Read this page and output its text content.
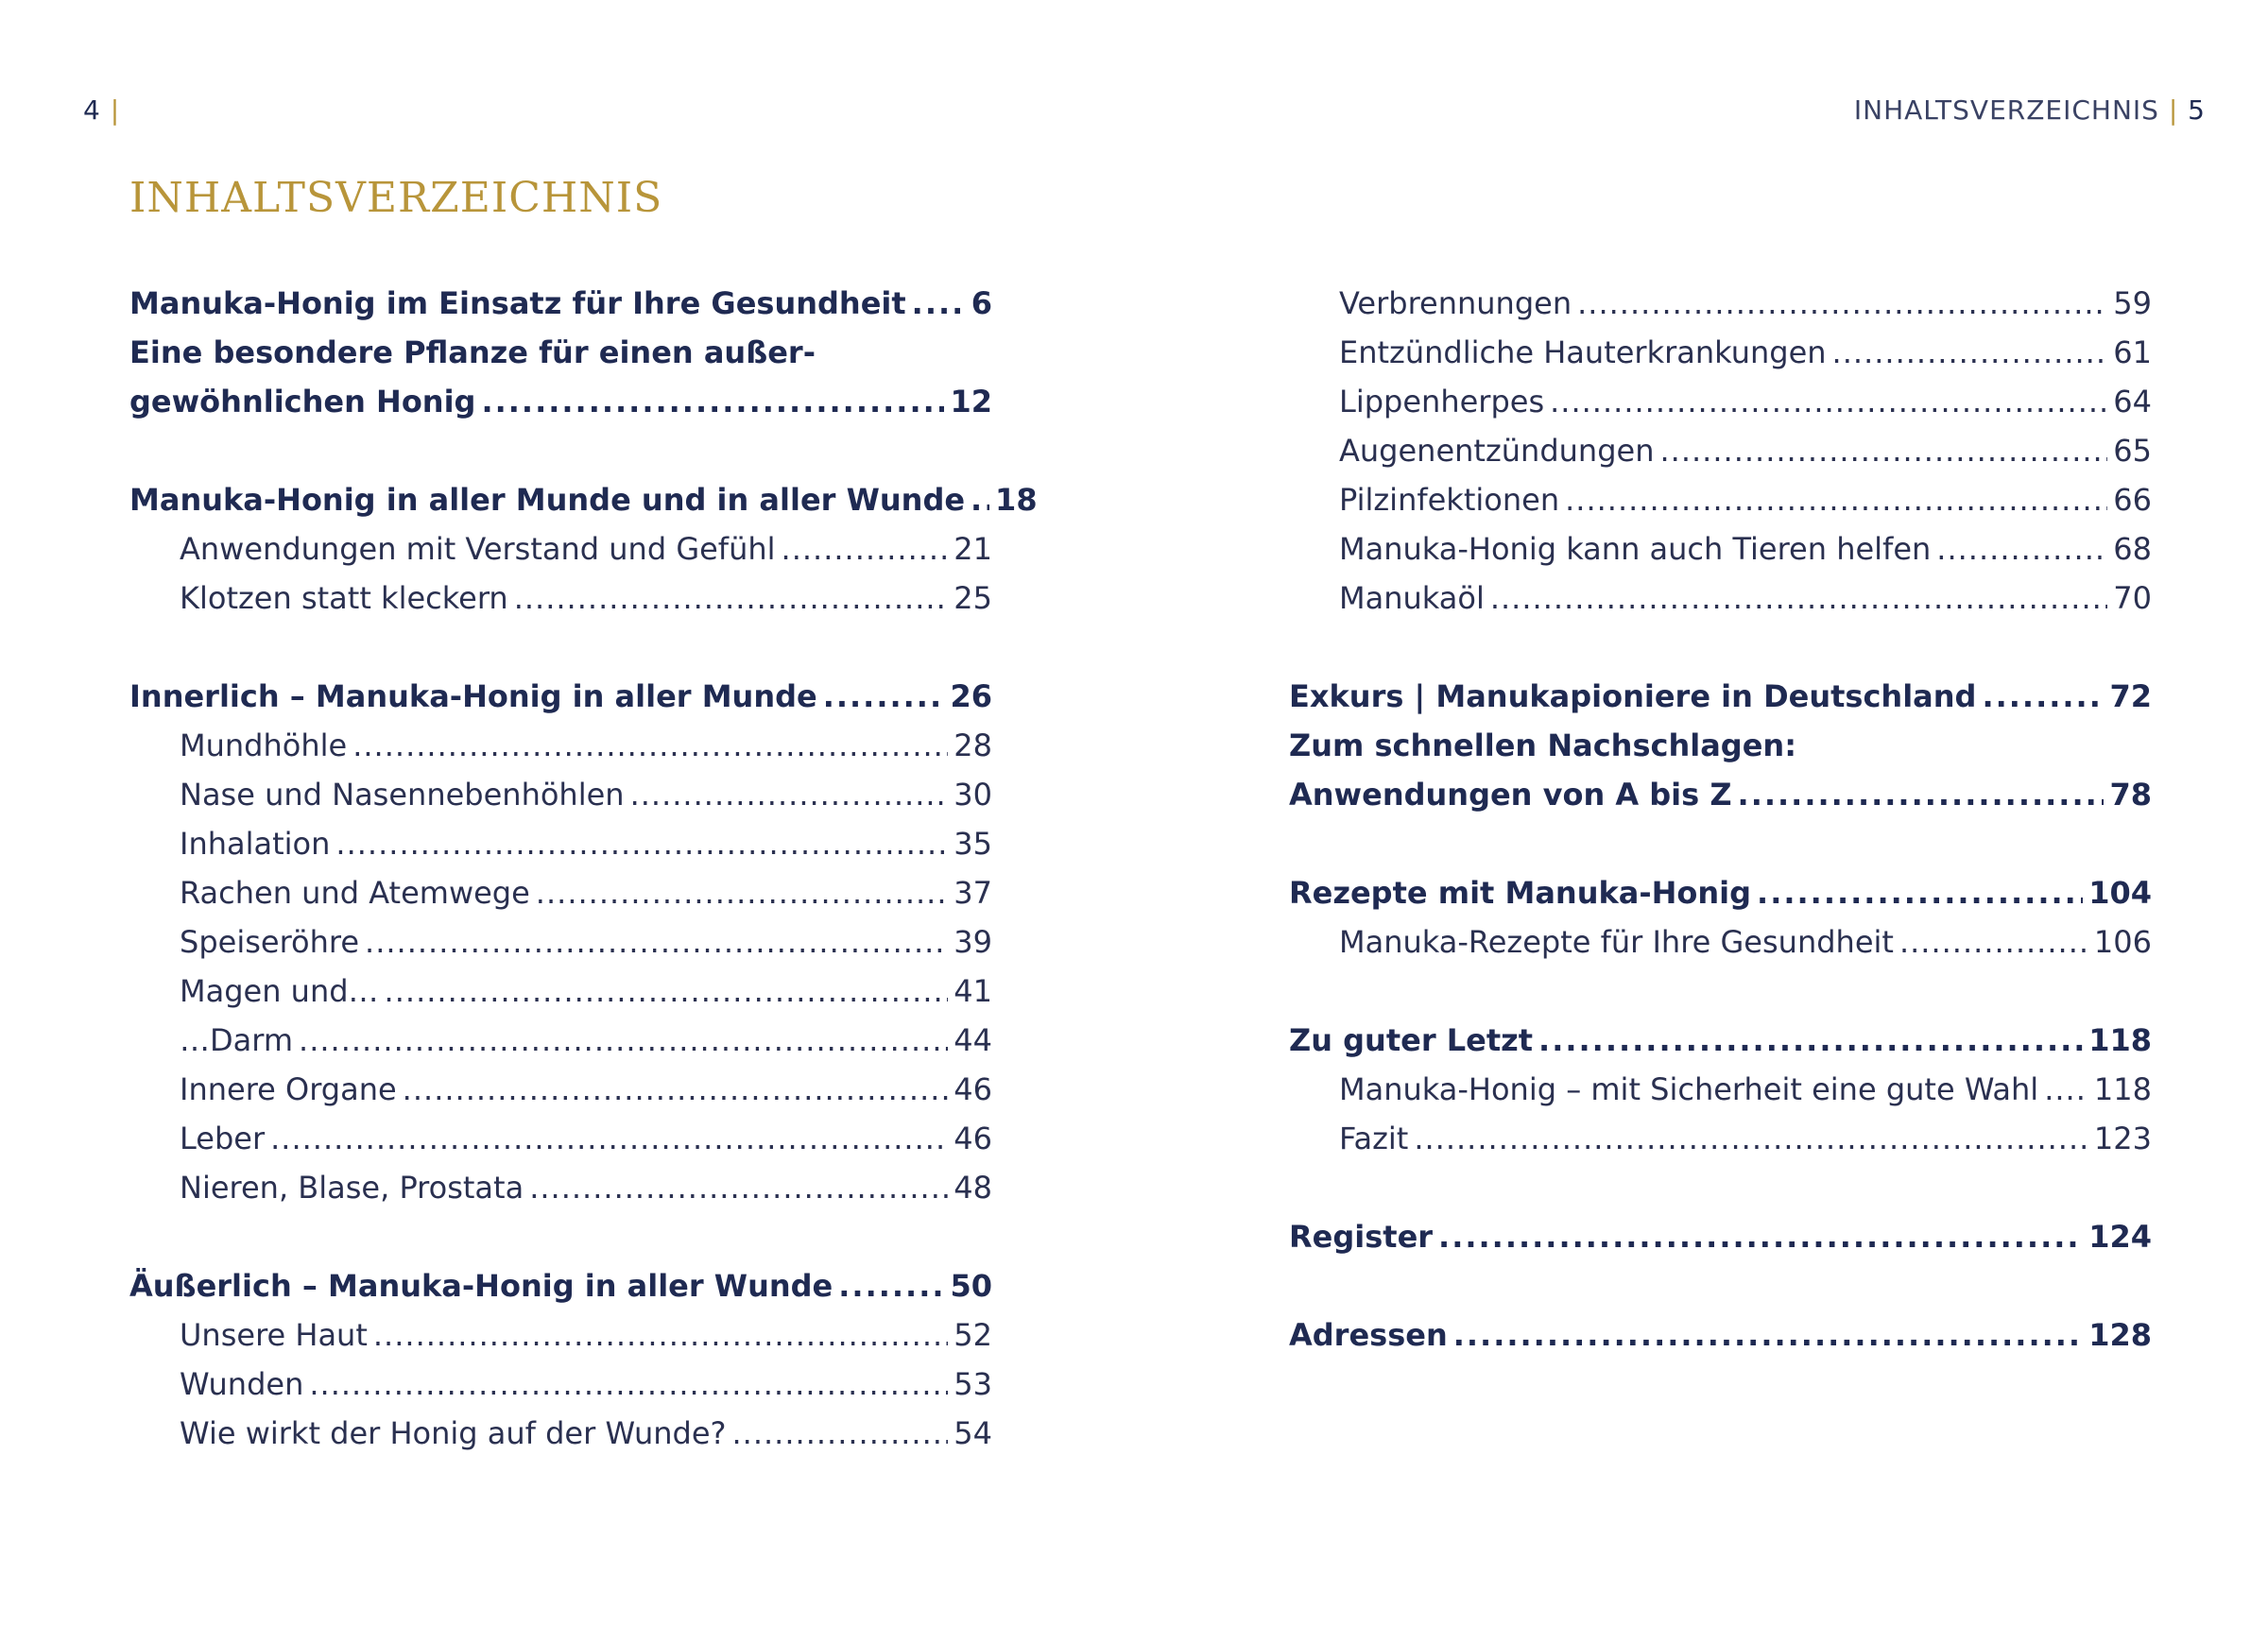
4 |
INHALTSVERZEICHNIS
Manuka-Honig im Einsatz für Ihre Gesundheit ..... 6
Eine besondere Pflanze für einen außer-
gewöhnlichen Honig .....	12
Manuka-Honig in aller Munde und in aller Wunde ..... 18
Anwendungen mit Verstand und Gefühl .....	21
Klotzen statt kleckern .....	25
Innerlich – Manuka-Honig in aller Munde .....	26
Mundhöhle .....	28
Nase und Nasennebenhöhlen .....	30
Inhalation .....	35
Rachen und Atemwege .....	37
Speiseröhre .....	39
Magen und… .....	41
…Darm .....	44
Innere Organe .....	46
Leber .....	46
Nieren, Blase, Prostata .....	48
Äußerlich – Manuka-Honig in aller Wunde .....	50
Unsere Haut .....	52
Wunden .....	53
Wie wirkt der Honig auf der Wunde? .....	54
INHALTSVERZEICHNIS | 5
Verbrennungen .....	59
Entzündliche Hauterkrankungen .....	61
Lippenherpes .....	64
Augenentzündungen .....	65
Pilzinfektionen .....	66
Manuka-Honig kann auch Tieren helfen .....	68
Manukaöl .....	70
Exkurs | Manukapioniere in Deutschland .....	72
Zum schnellen Nachschlagen:
Anwendungen von A bis Z .....	78
Rezepte mit Manuka-Honig .....	104
Manuka-Rezepte für Ihre Gesundheit .....	106
Zu guter Letzt .....	118
Manuka-Honig – mit Sicherheit eine gute Wahl ..... 118
Fazit .....	123
Register .....	124
Adressen .....	128
